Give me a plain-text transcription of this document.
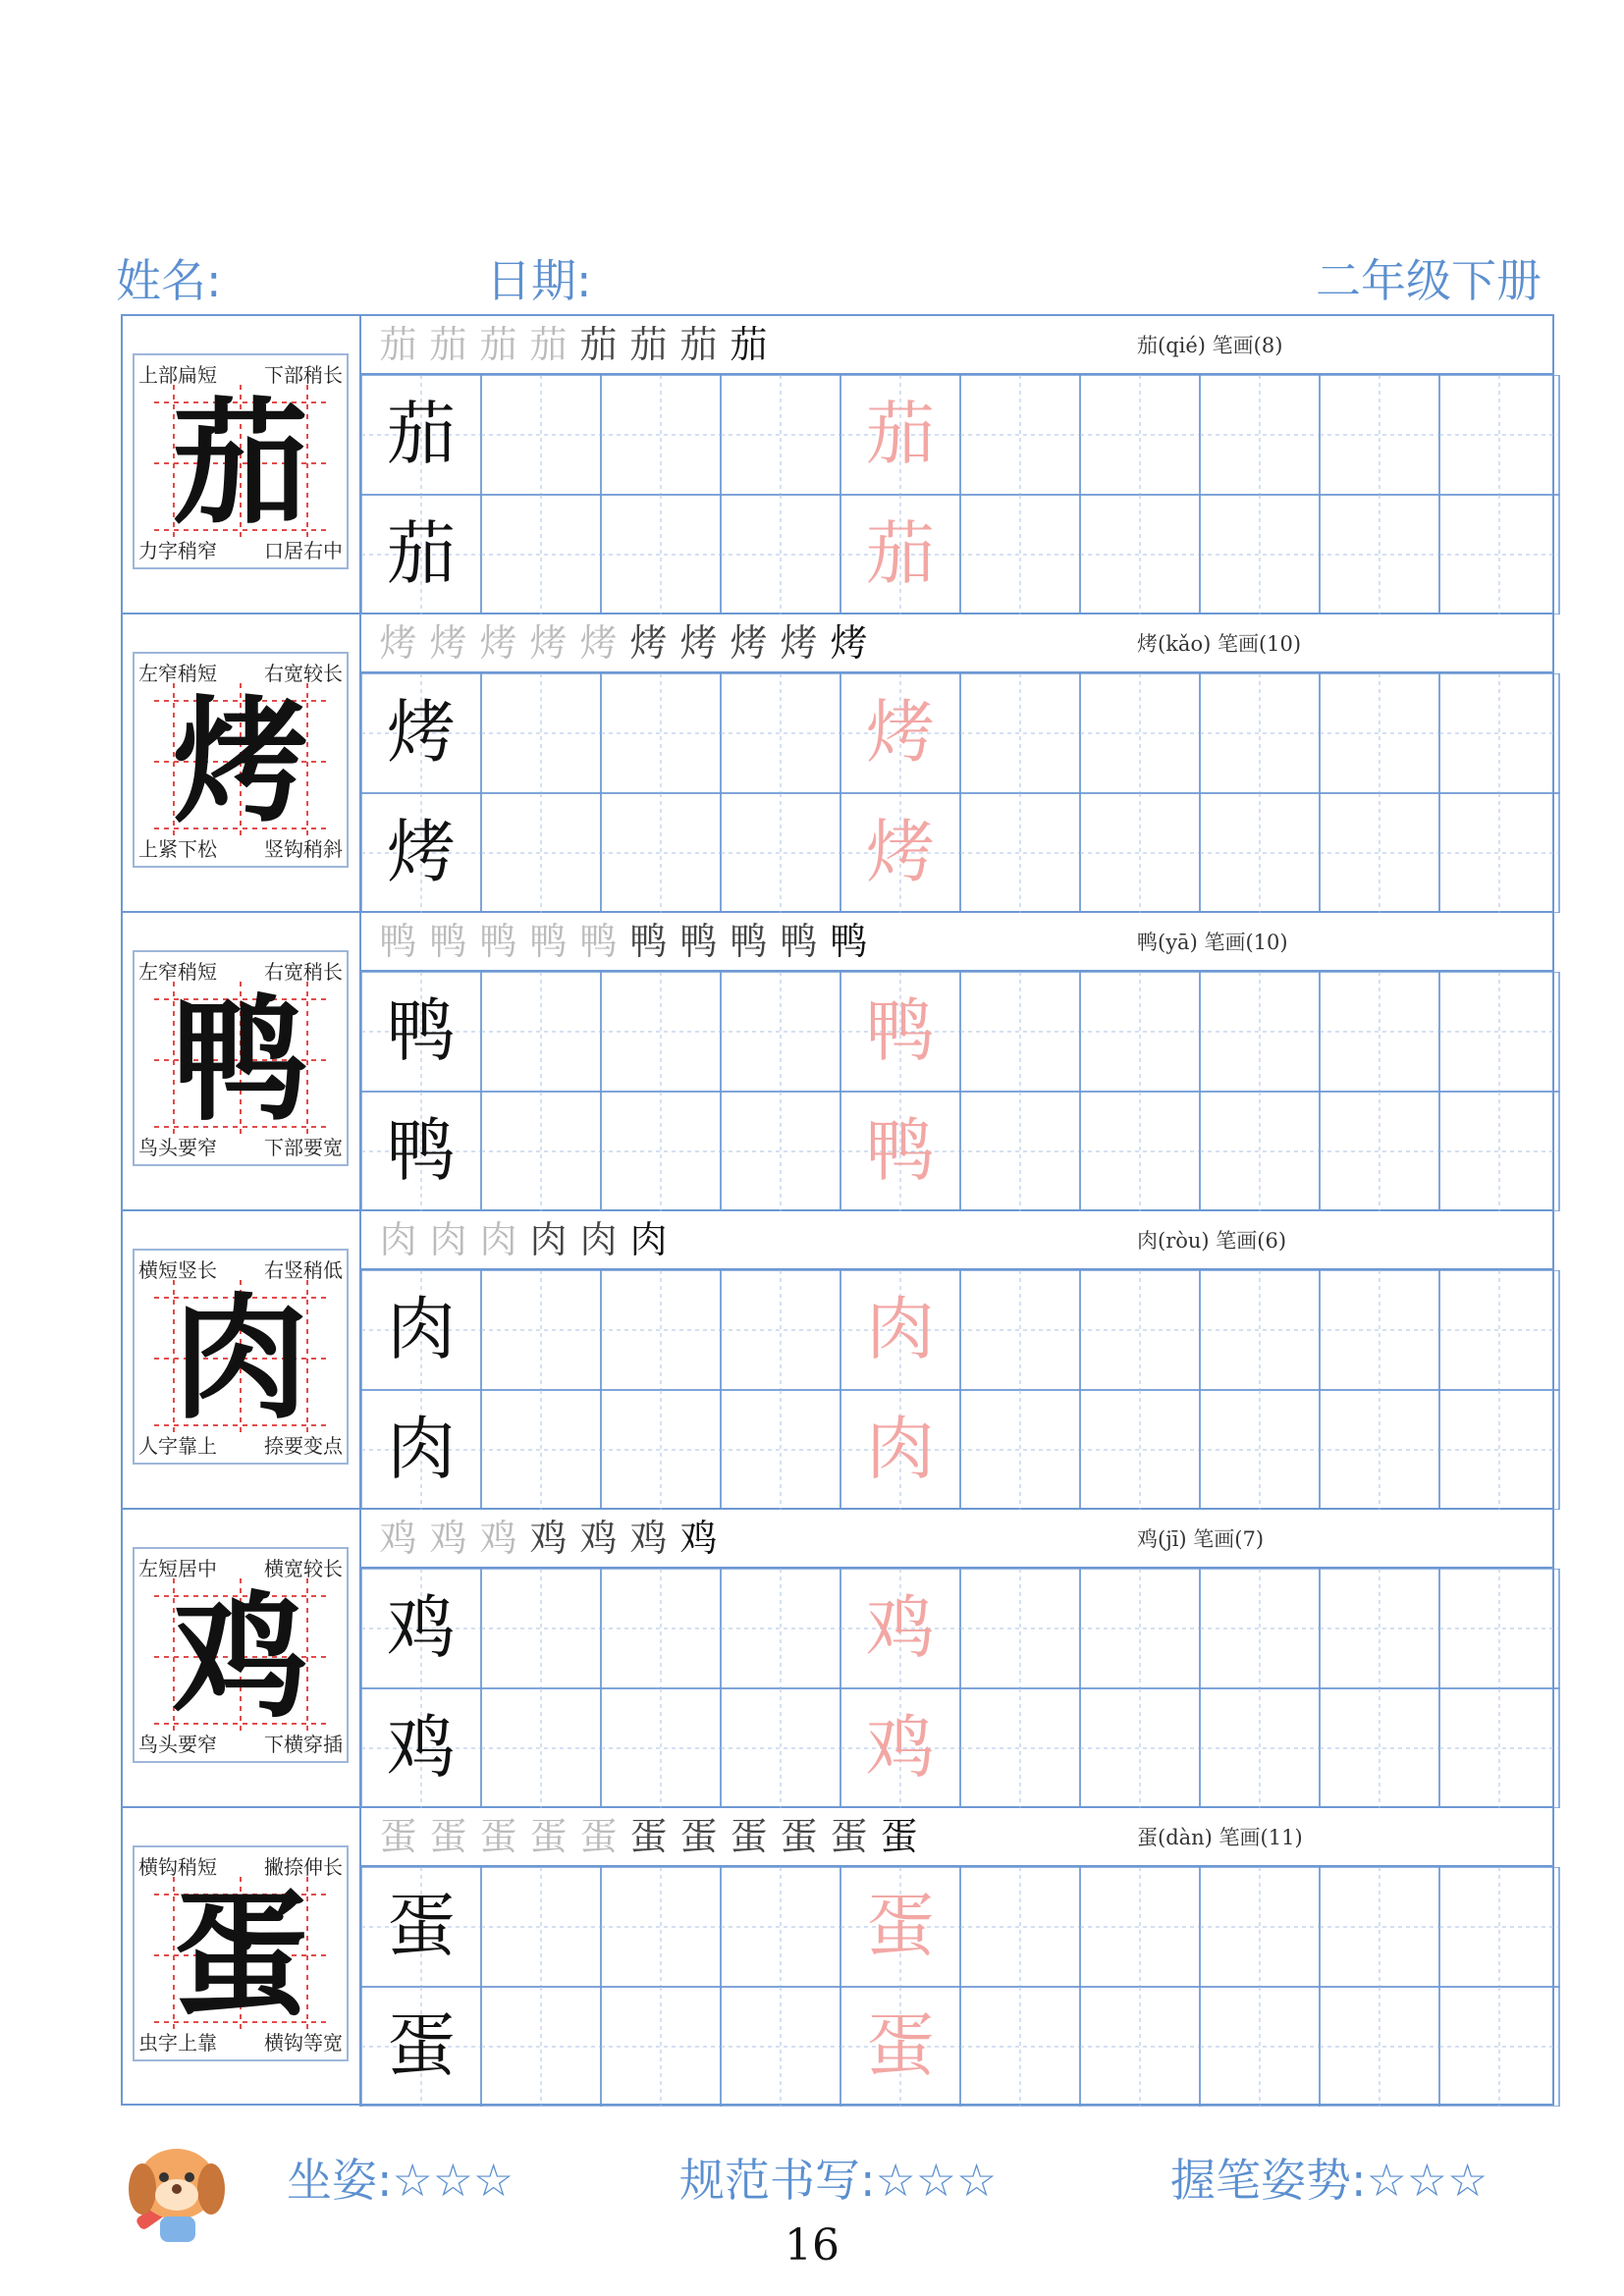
姓名:	日期:	二年级下册
茄
上部扁短 下部稍长
力字稍窄 口居右中
茄 茄 茄 茄 茄 茄 茄 茄	茄(qié) 笔画(8)
茄	茄
茄	茄
烤
左窄稍短 右宽较长
上紧下松 竖钩稍斜
烤 烤 烤 烤 烤 烤 烤 烤 烤 烤	烤(kǎo) 笔画(10)
烤	烤
烤	烤
鸭
左窄稍短 右宽稍长
鸟头要窄 下部要宽
鸭 鸭 鸭 鸭 鸭 鸭 鸭 鸭 鸭 鸭	鸭(yā) 笔画(10)
鸭	鸭
鸭	鸭
肉
横短竖长 右竖稍低
人字靠上 捺要变点
肉 肉 肉 肉 肉 肉	肉(ròu) 笔画(6)
肉	肉
肉	肉
鸡
左短居中 横宽较长
鸟头要窄 下横穿插
鸡 鸡 鸡 鸡 鸡 鸡 鸡	鸡(jī) 笔画(7)
鸡	鸡
鸡	鸡
蛋
横钩稍短 撇捺伸长
虫字上靠 横钩等宽
蛋 蛋 蛋 蛋 蛋 蛋 蛋 蛋 蛋 蛋 蛋	蛋(dàn) 笔画(11)
蛋	蛋
蛋	蛋
坐姿:☆☆☆	规范书写:☆☆☆	握笔姿势:☆☆☆
16
